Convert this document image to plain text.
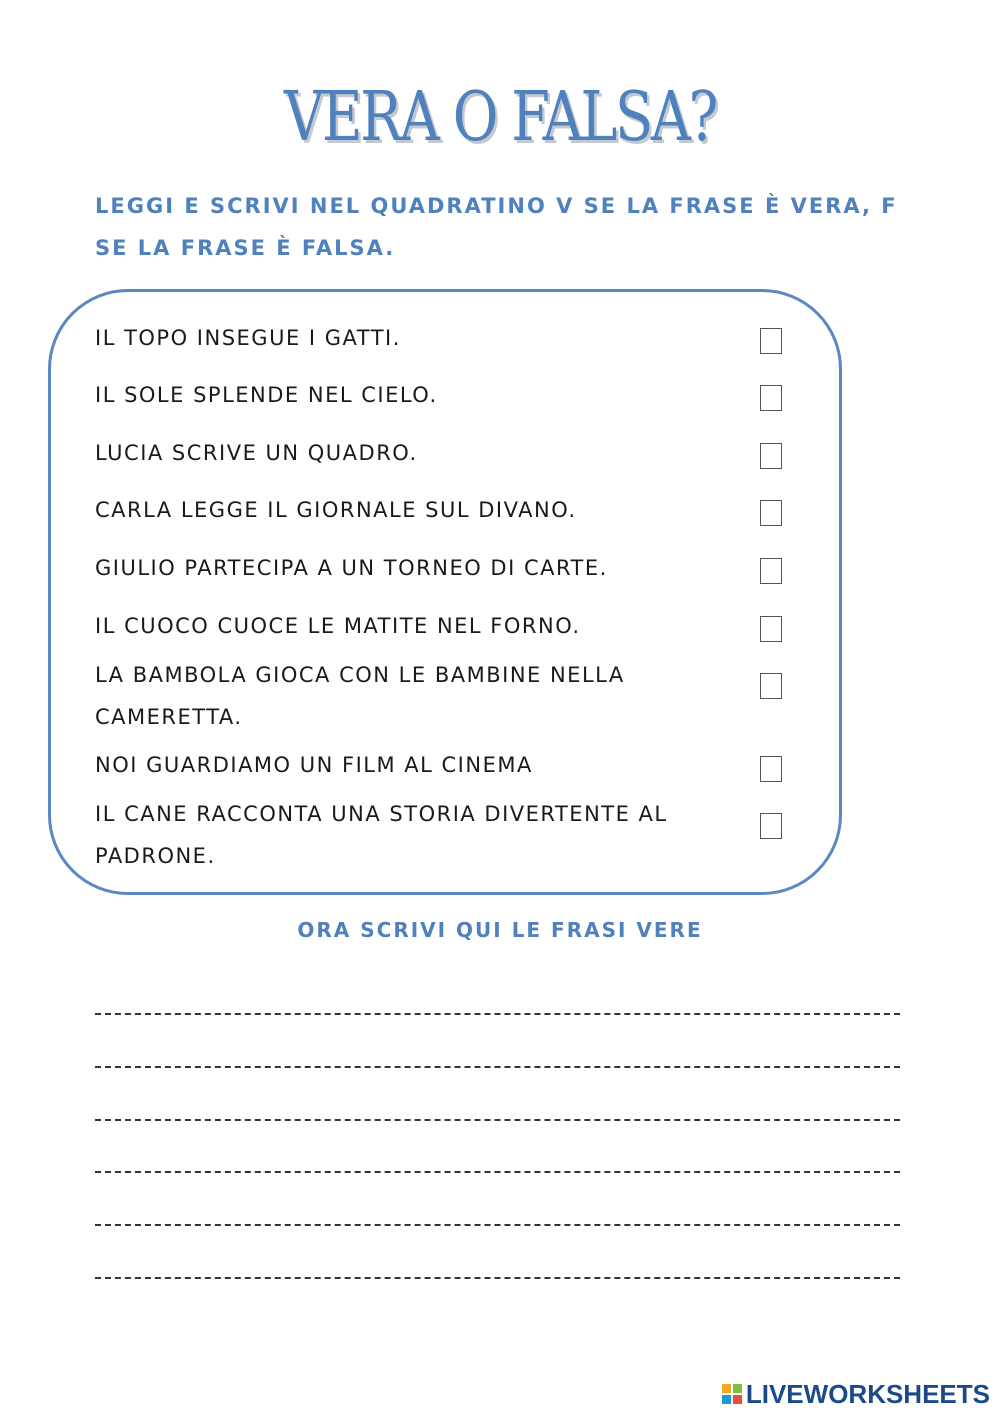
VERA O FALSA?
LEGGI E SCRIVI NEL QUADRATINO V SE LA FRASE È VERA, F SE LA FRASE È FALSA.
IL TOPO INSEGUE I GATTI.
IL SOLE SPLENDE NEL CIELO.
LUCIA SCRIVE UN QUADRO.
CARLA LEGGE IL GIORNALE SUL DIVANO.
GIULIO PARTECIPA A UN TORNEO DI CARTE.
IL CUOCO CUOCE LE MATITE NEL FORNO.
LA BAMBOLA GIOCA CON LE BAMBINE NELLA CAMERETTA.
NOI GUARDIAMO UN FILM AL CINEMA
IL CANE RACCONTA UNA STORIA DIVERTENTE AL PADRONE.
ORA SCRIVI QUI LE FRASI VERE
LIVEWORKSHEETS
